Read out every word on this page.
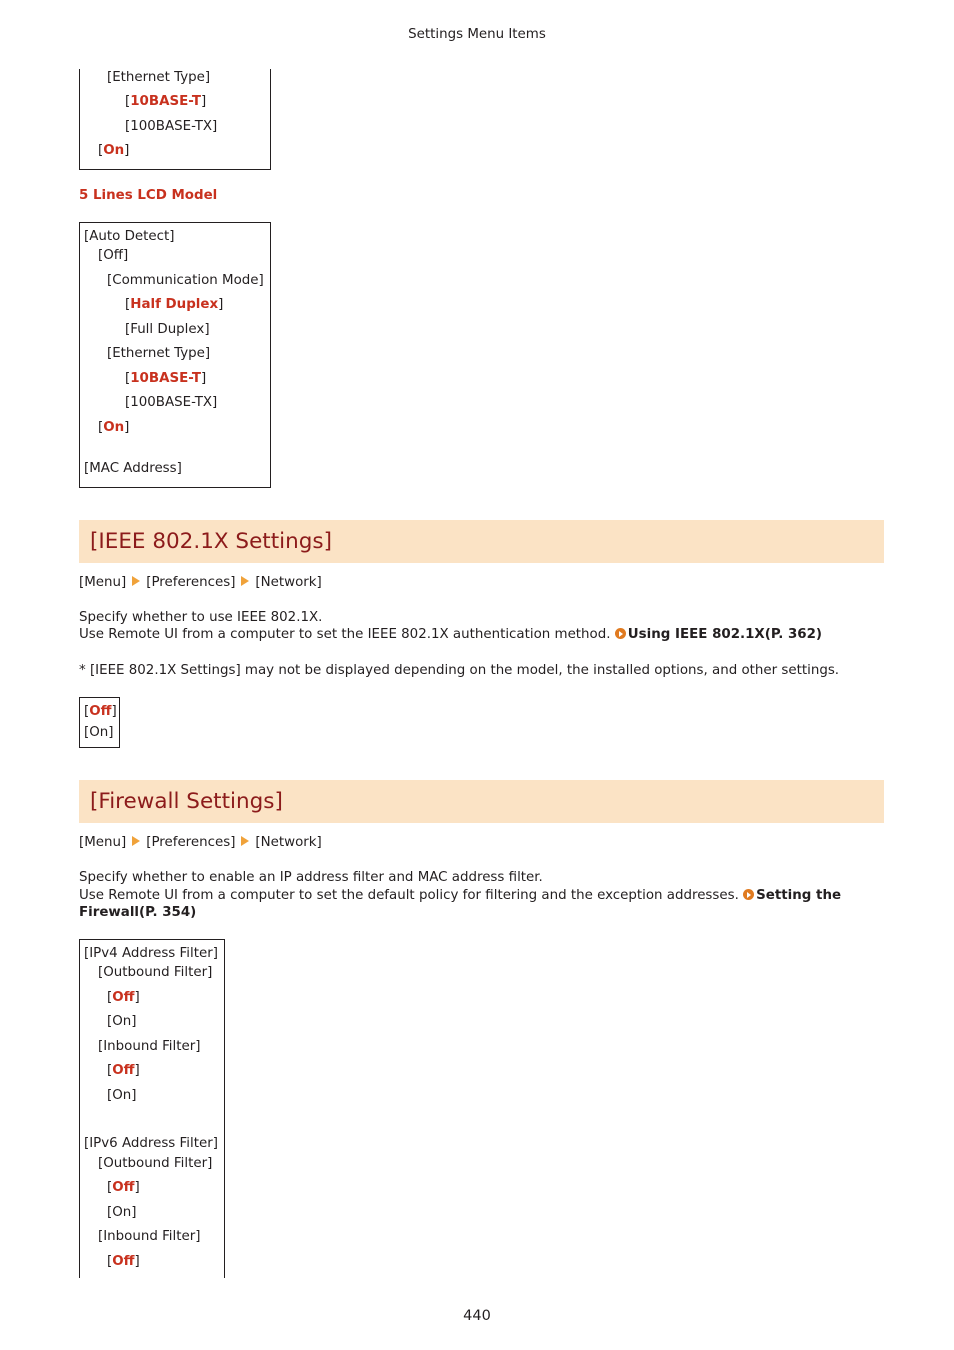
Settings Menu Items
[Ethernet Type]
[10BASE-T]
[100BASE-TX]
[On]
5 Lines LCD Model
[Auto Detect]
[Off]
[Communication Mode]
[Half Duplex]
[Full Duplex]
[Ethernet Type]
[10BASE-T]
[100BASE-TX]
[On]
[MAC Address]
[IEEE 802.1X Settings]
[Menu] [Preferences] [Network]
Specify whether to use IEEE 802.1X.
Use Remote UI from a computer to set the IEEE 802.1X authentication method. Using IEEE 802.1X(P. 362)
* [IEEE 802.1X Settings] may not be displayed depending on the model, the installed options, and other settings.
[Off]
[On]
[Firewall Settings]
[Menu] [Preferences] [Network]
Specify whether to enable an IP address filter and MAC address filter.
Use Remote UI from a computer to set the default policy for filtering and the exception addresses. Setting the
Firewall(P. 354)
[IPv4 Address Filter]
[Outbound Filter]
[Off]
[On]
[Inbound Filter]
[Off]
[On]
[IPv6 Address Filter]
[Outbound Filter]
[Off]
[On]
[Inbound Filter]
[Off]
440
